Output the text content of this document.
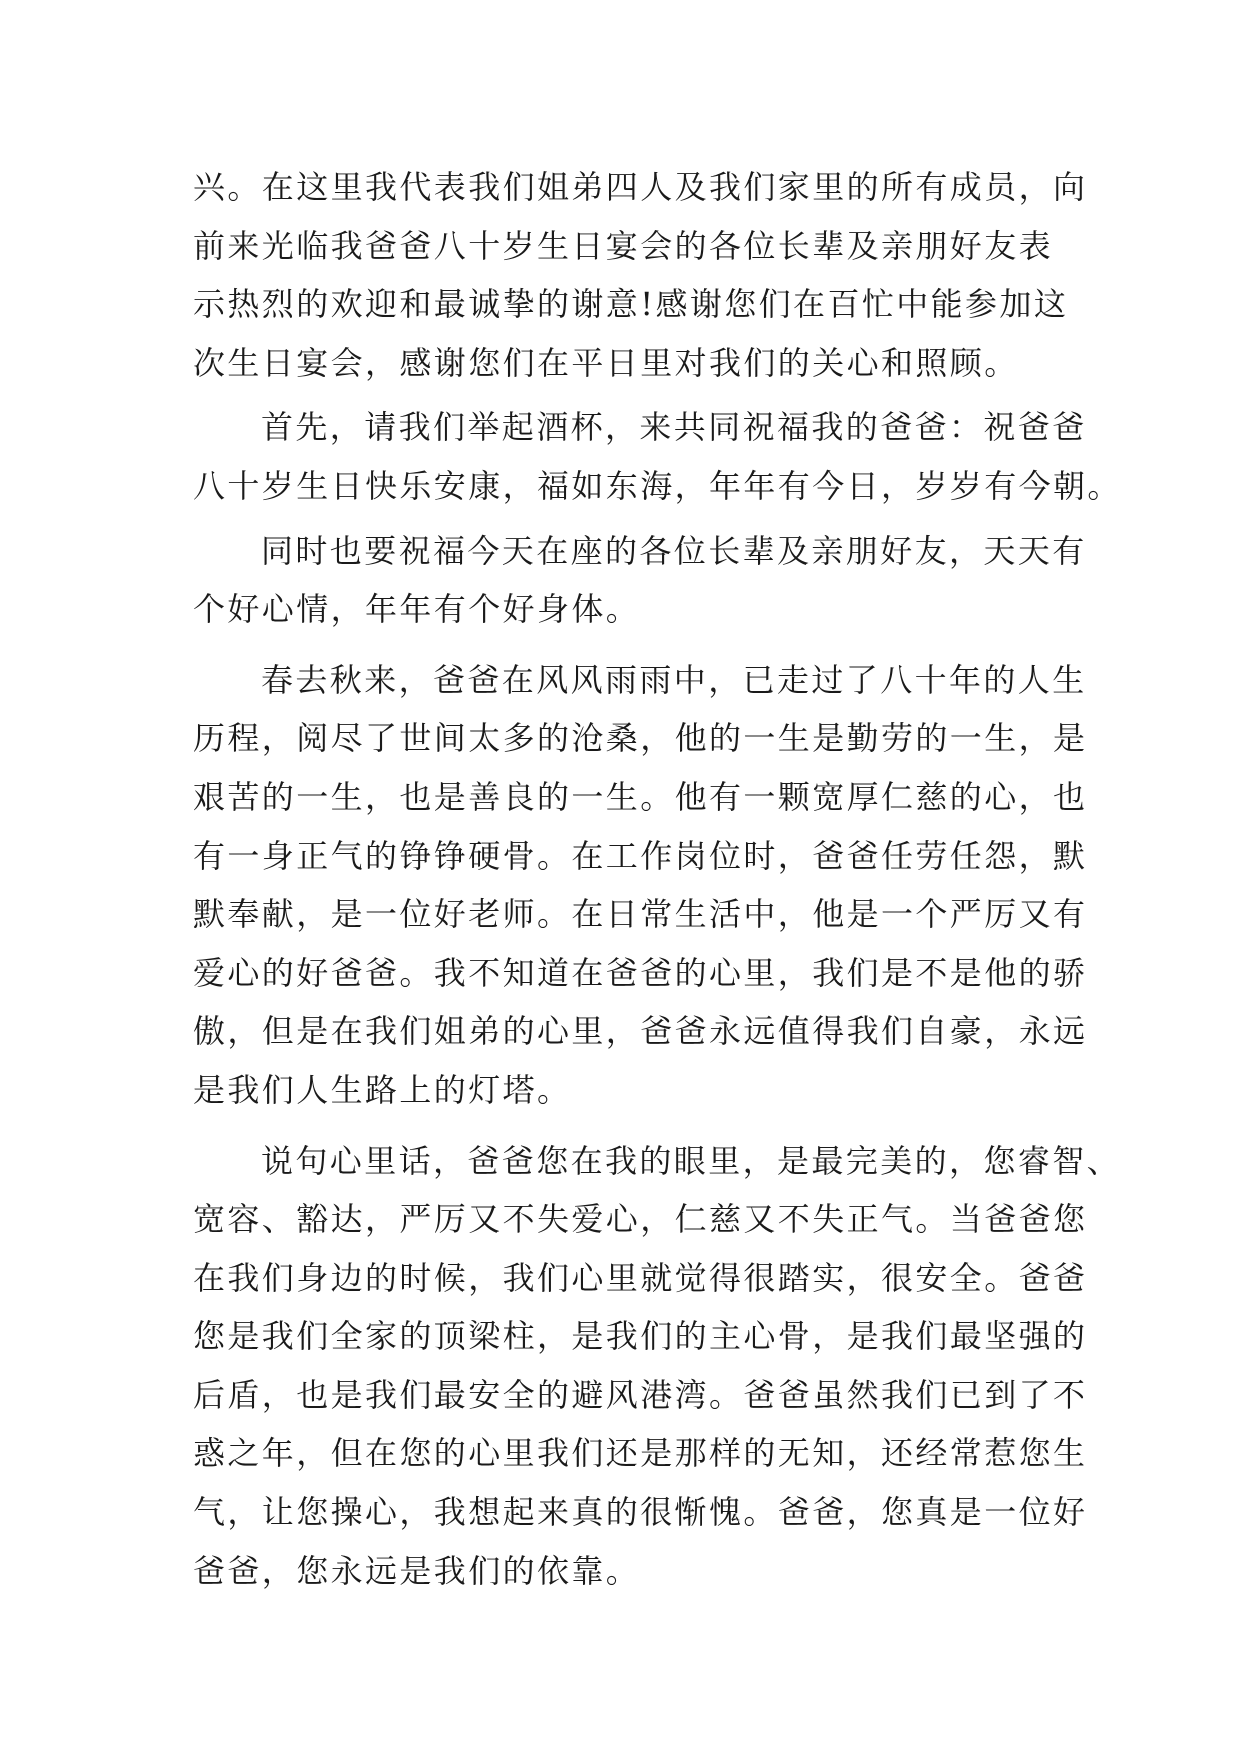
兴。在这里我代表我们姐弟四人及我们家里的所有成员，向
前来光临我爸爸八十岁生日宴会的各位长辈及亲朋好友表
示热烈的欢迎和最诚挚的谢意!感谢您们在百忙中能参加这
次生日宴会，感谢您们在平日里对我们的关心和照顾。
首先，请我们举起酒杯，来共同祝福我的爸爸：祝爸爸
八十岁生日快乐安康，福如东海，年年有今日，岁岁有今朝。
同时也要祝福今天在座的各位长辈及亲朋好友，天天有
个好心情，年年有个好身体。
春去秋来，爸爸在风风雨雨中，已走过了八十年的人生
历程，阅尽了世间太多的沧桑，他的一生是勤劳的一生，是
艰苦的一生，也是善良的一生。他有一颗宽厚仁慈的心，也
有一身正气的铮铮硬骨。在工作岗位时，爸爸任劳任怨，默
默奉献，是一位好老师。在日常生活中，他是一个严厉又有
爱心的好爸爸。我不知道在爸爸的心里，我们是不是他的骄
傲，但是在我们姐弟的心里，爸爸永远值得我们自豪，永远
是我们人生路上的灯塔。
说句心里话，爸爸您在我的眼里，是最完美的，您睿智、
宽容、豁达，严厉又不失爱心，仁慈又不失正气。当爸爸您
在我们身边的时候，我们心里就觉得很踏实，很安全。爸爸
您是我们全家的顶梁柱，是我们的主心骨，是我们最坚强的
后盾，也是我们最安全的避风港湾。爸爸虽然我们已到了不
惑之年，但在您的心里我们还是那样的无知，还经常惹您生
气，让您操心，我想起来真的很惭愧。爸爸，您真是一位好
爸爸，您永远是我们的依靠。
